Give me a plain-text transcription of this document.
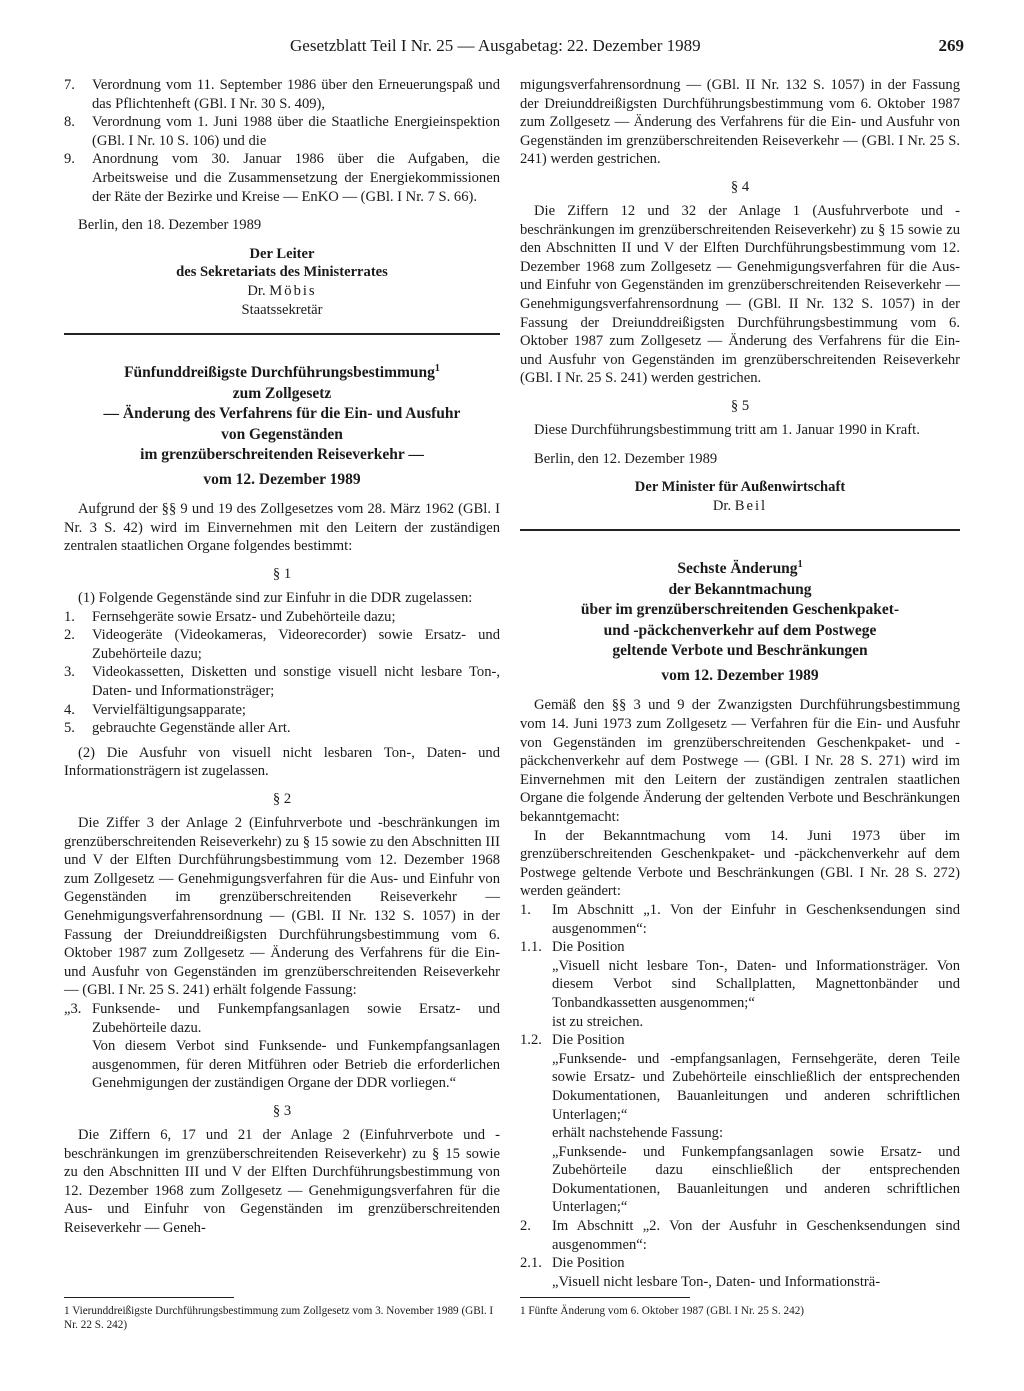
Gesetzblatt Teil I Nr. 25 — Ausgabetag: 22. Dezember 1989	269
7.	Verordnung vom 11. September 1986 über den Erneuerungspaß und das Pflichtenheft (GBl. I Nr. 30 S. 409),
8.	Verordnung vom 1. Juni 1988 über die Staatliche Energieinspektion (GBl. I Nr. 10 S. 106) und die
9.	Anordnung vom 30. Januar 1986 über die Aufgaben, die Arbeitsweise und die Zusammensetzung der Energiekommissionen der Räte der Bezirke und Kreise — EnKO — (GBl. I Nr. 7 S. 66).

Berlin, den 18. Dezember 1989

Der Leiter
des Sekretariats des Ministerrates
Dr. Möbis
Staatssekretär
Fünfunddreißigste Durchführungsbestimmung$^1$
zum Zollgesetz
— Änderung des Verfahrens für die Ein- und Ausfuhr
von Gegenständen
im grenzüberschreitenden Reiseverkehr —
vom 12. Dezember 1989

Aufgrund der §§ 9 und 19 des Zollgesetzes vom 28. März 1962 (GBl. I Nr. 3 S. 42) wird im Einvernehmen mit den Leitern der zuständigen zentralen staatlichen Organe folgendes bestimmt:

§ 1

(1) Folgende Gegenstände sind zur Einfuhr in die DDR zugelassen:

1.	Fernsehgeräte sowie Ersatz- und Zubehörteile dazu;
2.	Videogeräte (Videokameras, Videorecorder) sowie Ersatz- und Zubehörteile dazu;
3.	Videokassetten, Disketten und sonstige visuell nicht lesbare Ton-, Daten- und Informationsträger;
4.	Vervielfältigungsapparate;
5.	gebrauchte Gegenstände aller Art.

(2) Die Ausfuhr von visuell nicht lesbaren Ton-, Daten- und Informationsträgern ist zugelassen.

§ 2

Die Ziffer 3 der Anlage 2 (Einfuhrverbote und -beschränkungen im grenzüberschreitenden Reiseverkehr) zu § 15 sowie zu den Abschnitten III und V der Elften Durchführungsbestimmung vom 12. Dezember 1968 zum Zollgesetz — Genehmigungsverfahren für die Aus- und Einfuhr von Gegenständen im grenzüberschreitenden Reiseverkehr — Genehmigungsverfahrensordnung — (GBl. II Nr. 132 S. 1057) in der Fassung der Dreiunddreißigsten Durchführungsbestimmung vom 6. Oktober 1987 zum Zollgesetz — Änderung des Verfahrens für die Ein- und Ausfuhr von Gegenständen im grenzüberschreitenden Reiseverkehr — (GBl. I Nr. 25 S. 241) erhält folgende Fassung:

„3. Funksende- und Funkempfangsanlagen sowie Ersatz- und Zubehörteile dazu.
Von diesem Verbot sind Funksende- und Funkempfangsanlagen ausgenommen, für deren Mitführen oder Betrieb die erforderlichen Genehmigungen der zuständigen Organe der DDR vorliegen.“
§ 3

Die Ziffern 6, 17 und 21 der Anlage 2 (Einfuhrverbote und -beschränkungen im grenzüberschreitenden Reiseverkehr) zu § 15 sowie zu den Abschnitten III und V der Elften Durchführungsbestimmung von 12. Dezember 1968 zum Zollgesetz — Genehmigungsverfahren für die Aus- und Einfuhr von Gegenständen im grenzüberschreitenden Reiseverkehr — Geneh-

1 Vierunddreißigste Durchführungsbestimmung zum Zollgesetz vom 3. November 1989 (GBl. I Nr. 22 S. 242)

migungsverfahrensordnung — (GBl. II Nr. 132 S. 1057) in der Fassung der Dreiunddreißigsten Durchführungsbestimmung vom 6. Oktober 1987 zum Zollgesetz — Änderung des Verfahrens für die Ein- und Ausfuhr von Gegenständen im grenzüberschreitenden Reiseverkehr — (GBl. I Nr. 25 S. 241) werden gestrichen.

§ 4

Die Ziffern 12 und 32 der Anlage 1 (Ausfuhrverbote und -beschränkungen im grenzüberschreitenden Reiseverkehr) zu § 15 sowie zu den Abschnitten II und V der Elften Durchführungsbestimmung vom 12. Dezember 1968 zum Zollgesetz — Genehmigungsverfahren für die Aus- und Einfuhr von Gegenständen im grenzüberschreitenden Reiseverkehr — Genehmigungsverfahrensordnung — (GBl. II Nr. 132 S. 1057) in der Fassung der Dreiunddreißigsten Durchführungsbestimmung vom 6. Oktober 1987 zum Zollgesetz — Änderung des Verfahrens für die Ein- und Ausfuhr von Gegenständen im grenzüberschreitenden Reiseverkehr (GBl. I Nr. 25 S. 241) werden gestrichen.

§ 5

Diese Durchführungsbestimmung tritt am 1. Januar 1990 in Kraft.

Berlin, den 12. Dezember 1989

Der Minister für Außenwirtschaft
Dr. Beil
Sechste Änderung$^1$
der Bekanntmachung
über im grenzüberschreitenden Geschenkpaket-
und -päckchenverkehr auf dem Postwege
geltende Verbote und Beschränkungen
vom 12. Dezember 1989

Gemäß den §§ 3 und 9 der Zwanzigsten Durchführungsbestimmung vom 14. Juni 1973 zum Zollgesetz — Verfahren für die Ein- und Ausfuhr von Gegenständen im grenzüberschreitenden Geschenkpaket- und -päckchenverkehr auf dem Postwege — (GBl. I Nr. 28 S. 271) wird im Einvernehmen mit den Leitern der zuständigen zentralen staatlichen Organe die folgende Änderung der geltenden Verbote und Beschränkungen bekanntgemacht:

In der Bekanntmachung vom 14. Juni 1973 über im grenzüberschreitenden Geschenkpaket- und -päckchenverkehr auf dem Postwege geltende Verbote und Beschränkungen (GBl. I Nr. 28 S. 272) werden geändert:

1.	Im Abschnitt „1. Von der Einfuhr in Geschenksendungen sind ausgenommen“:
1.1. Die Position
„Visuell nicht lesbare Ton-, Daten- und Informationsträger. Von diesem Verbot sind Schallplatten, Magnettonbänder und Tonbandkassetten ausgenommen;“
ist zu streichen.
1.2. Die Position
„Funksende- und -empfangsanlagen, Fernsehgeräte, deren Teile sowie Ersatz- und Zubehörteile einschließlich der entsprechenden Dokumentationen, Bauanleitungen und anderen schriftlichen Unterlagen;“
erhält nachstehende Fassung:
„Funksende- und Funkempfangsanlagen sowie Ersatz- und Zubehörteile dazu einschließlich der entsprechenden Dokumentationen, Bauanleitungen und anderen schriftlichen Unterlagen;“
2.	Im Abschnitt „2. Von der Ausfuhr in Geschenksendungen sind ausgenommen“:
2.1. Die Position
„Visuell nicht lesbare Ton-, Daten- und Informationsträ-
1 Fünfte Änderung vom 6. Oktober 1987 (GBl. I Nr. 25 S. 242)
